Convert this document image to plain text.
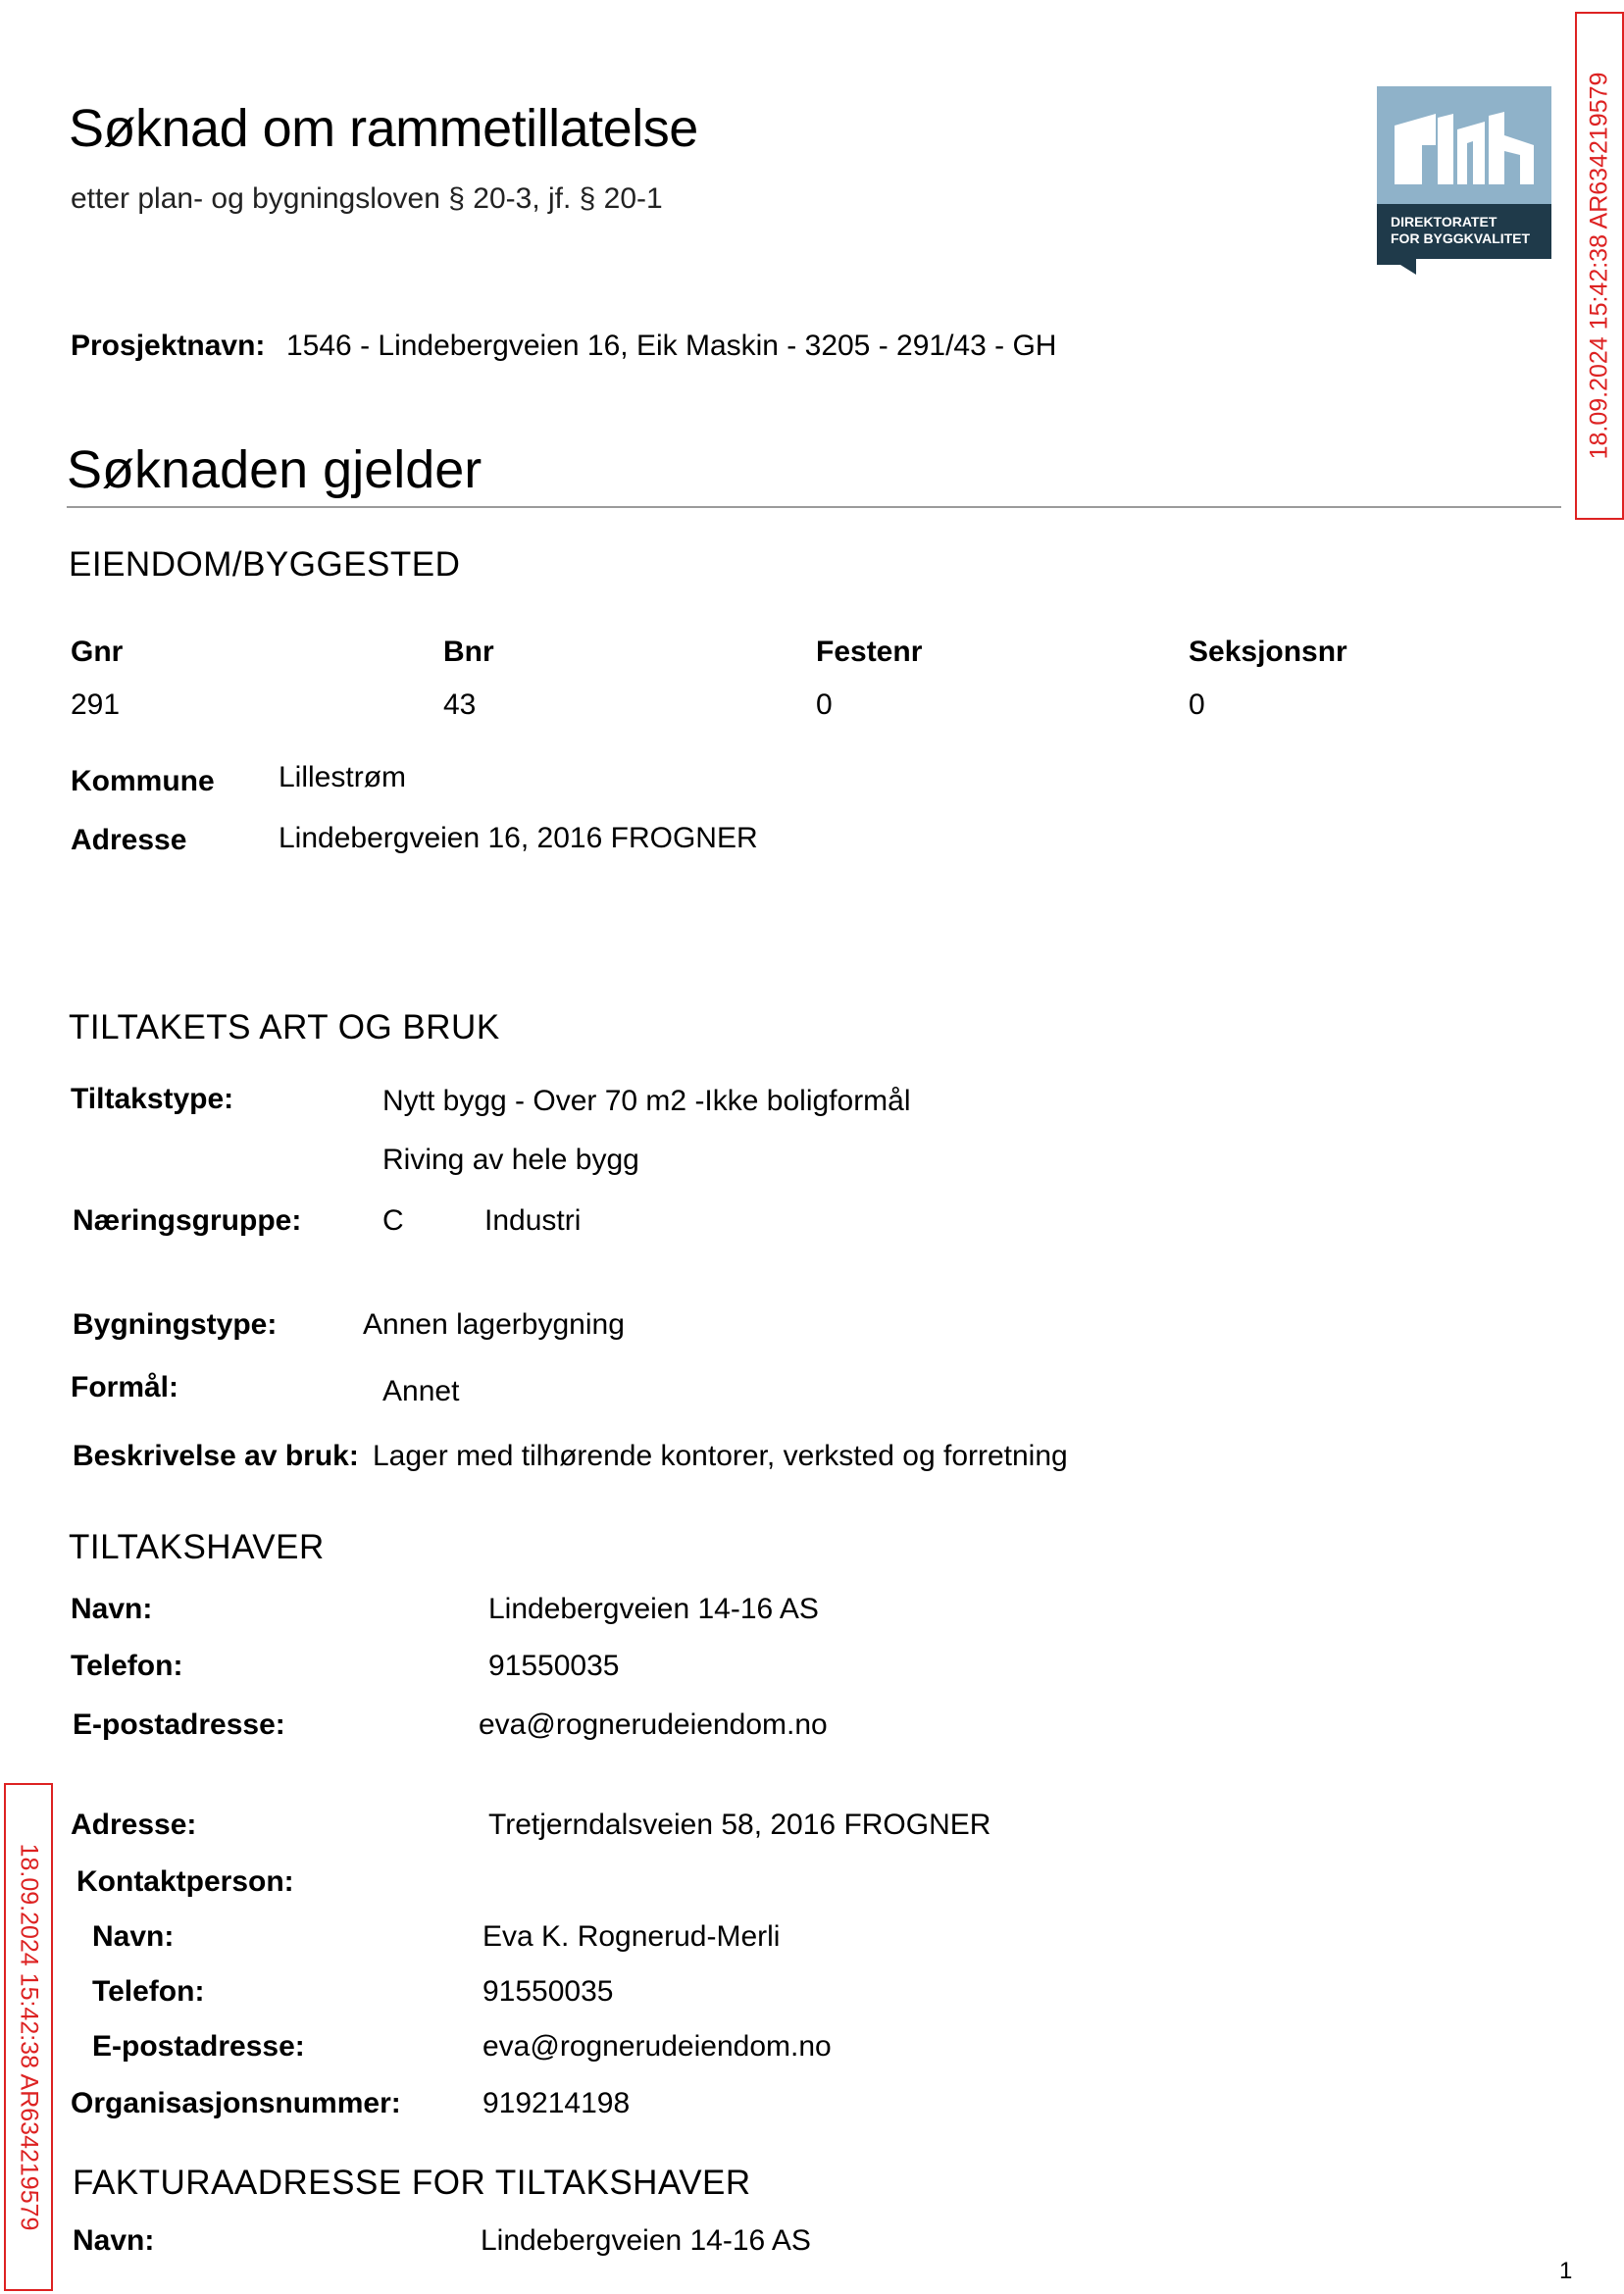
Søknad om rammetillatelse
etter plan- og bygningsloven § 20-3, jf. § 20-1
DIREKTORATET
FOR BYGGKVALITET 18.09.2024 15:42:38 AR634219579
18.09.2024 15:42:38 AR634219579
Prosjektnavn: 1546 - Lindebergveien 16, Eik Maskin - 3205 - 291/43 - GH
Søknaden gjelder
EIENDOM/BYGGESTED
Gnr	Bnr	Festenr	Seksjonsnr
291	43	0	0
Kommune Lillestrøm
Adresse	Lindebergveien 16, 2016 FROGNER
TILTAKETS ART OG BRUK
Tiltakstype:	Nytt bygg - Over 70 m2 -Ikke boligformål
Riving av hele bygg
Næringsgruppe:	C	Industri
Bygningstype:	Annen lagerbygning
Formål:	Annet
Beskrivelse av bruk: Lager med tilhørende kontorer, verksted og forretning
TILTAKSHAVER
Navn:	Lindebergveien 14-16 AS
Telefon:	91550035
E-postadresse:	eva@rognerudeiendom.no
Adresse:	Tretjerndalsveien 58, 2016 FROGNER
Kontaktperson:
Navn:	Eva K. Rognerud-Merli
Telefon:	91550035
E-postadresse:	eva@rognerudeiendom.no
Organisasjonsnummer:	919214198
FAKTURAADRESSE FOR TILTAKSHAVER
Navn:	Lindebergveien 14-16 AS
1
